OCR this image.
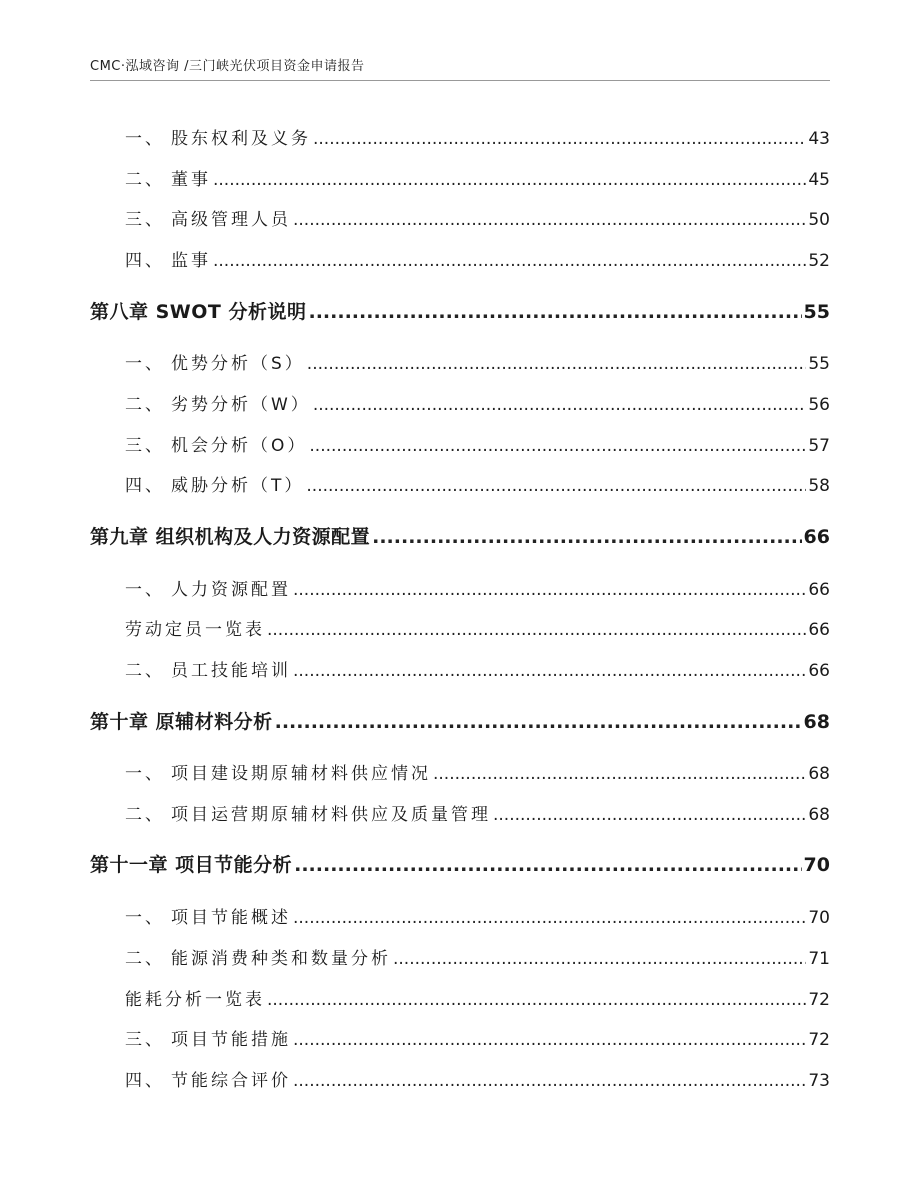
CMC·泓域咨询 /三门峡光伏项目资金申请报告
一、 股东权利及义务 .....	43
二、 董事 .....	45
三、 高级管理人员 .....	50
四、 监事 .....	52
第八章 SWOT 分析说明 .....	55
一、 优势分析（S） .....	55
二、 劣势分析（W） .....	56
三、 机会分析（O） .....	57
四、 威胁分析（T） .....	58
第九章 组织机构及人力资源配置 .....	66
一、 人力资源配置 .....	66
劳动定员一览表 .....	66
二、 员工技能培训 .....	66
第十章 原辅材料分析 .....	68
一、 项目建设期原辅材料供应情况 .....	68
二、 项目运营期原辅材料供应及质量管理 .....	68
第十一章 项目节能分析 .....	70
一、 项目节能概述 .....	70
二、 能源消费种类和数量分析 .....	71
能耗分析一览表 .....	72
三、 项目节能措施 .....	72
四、 节能综合评价 .....	73
